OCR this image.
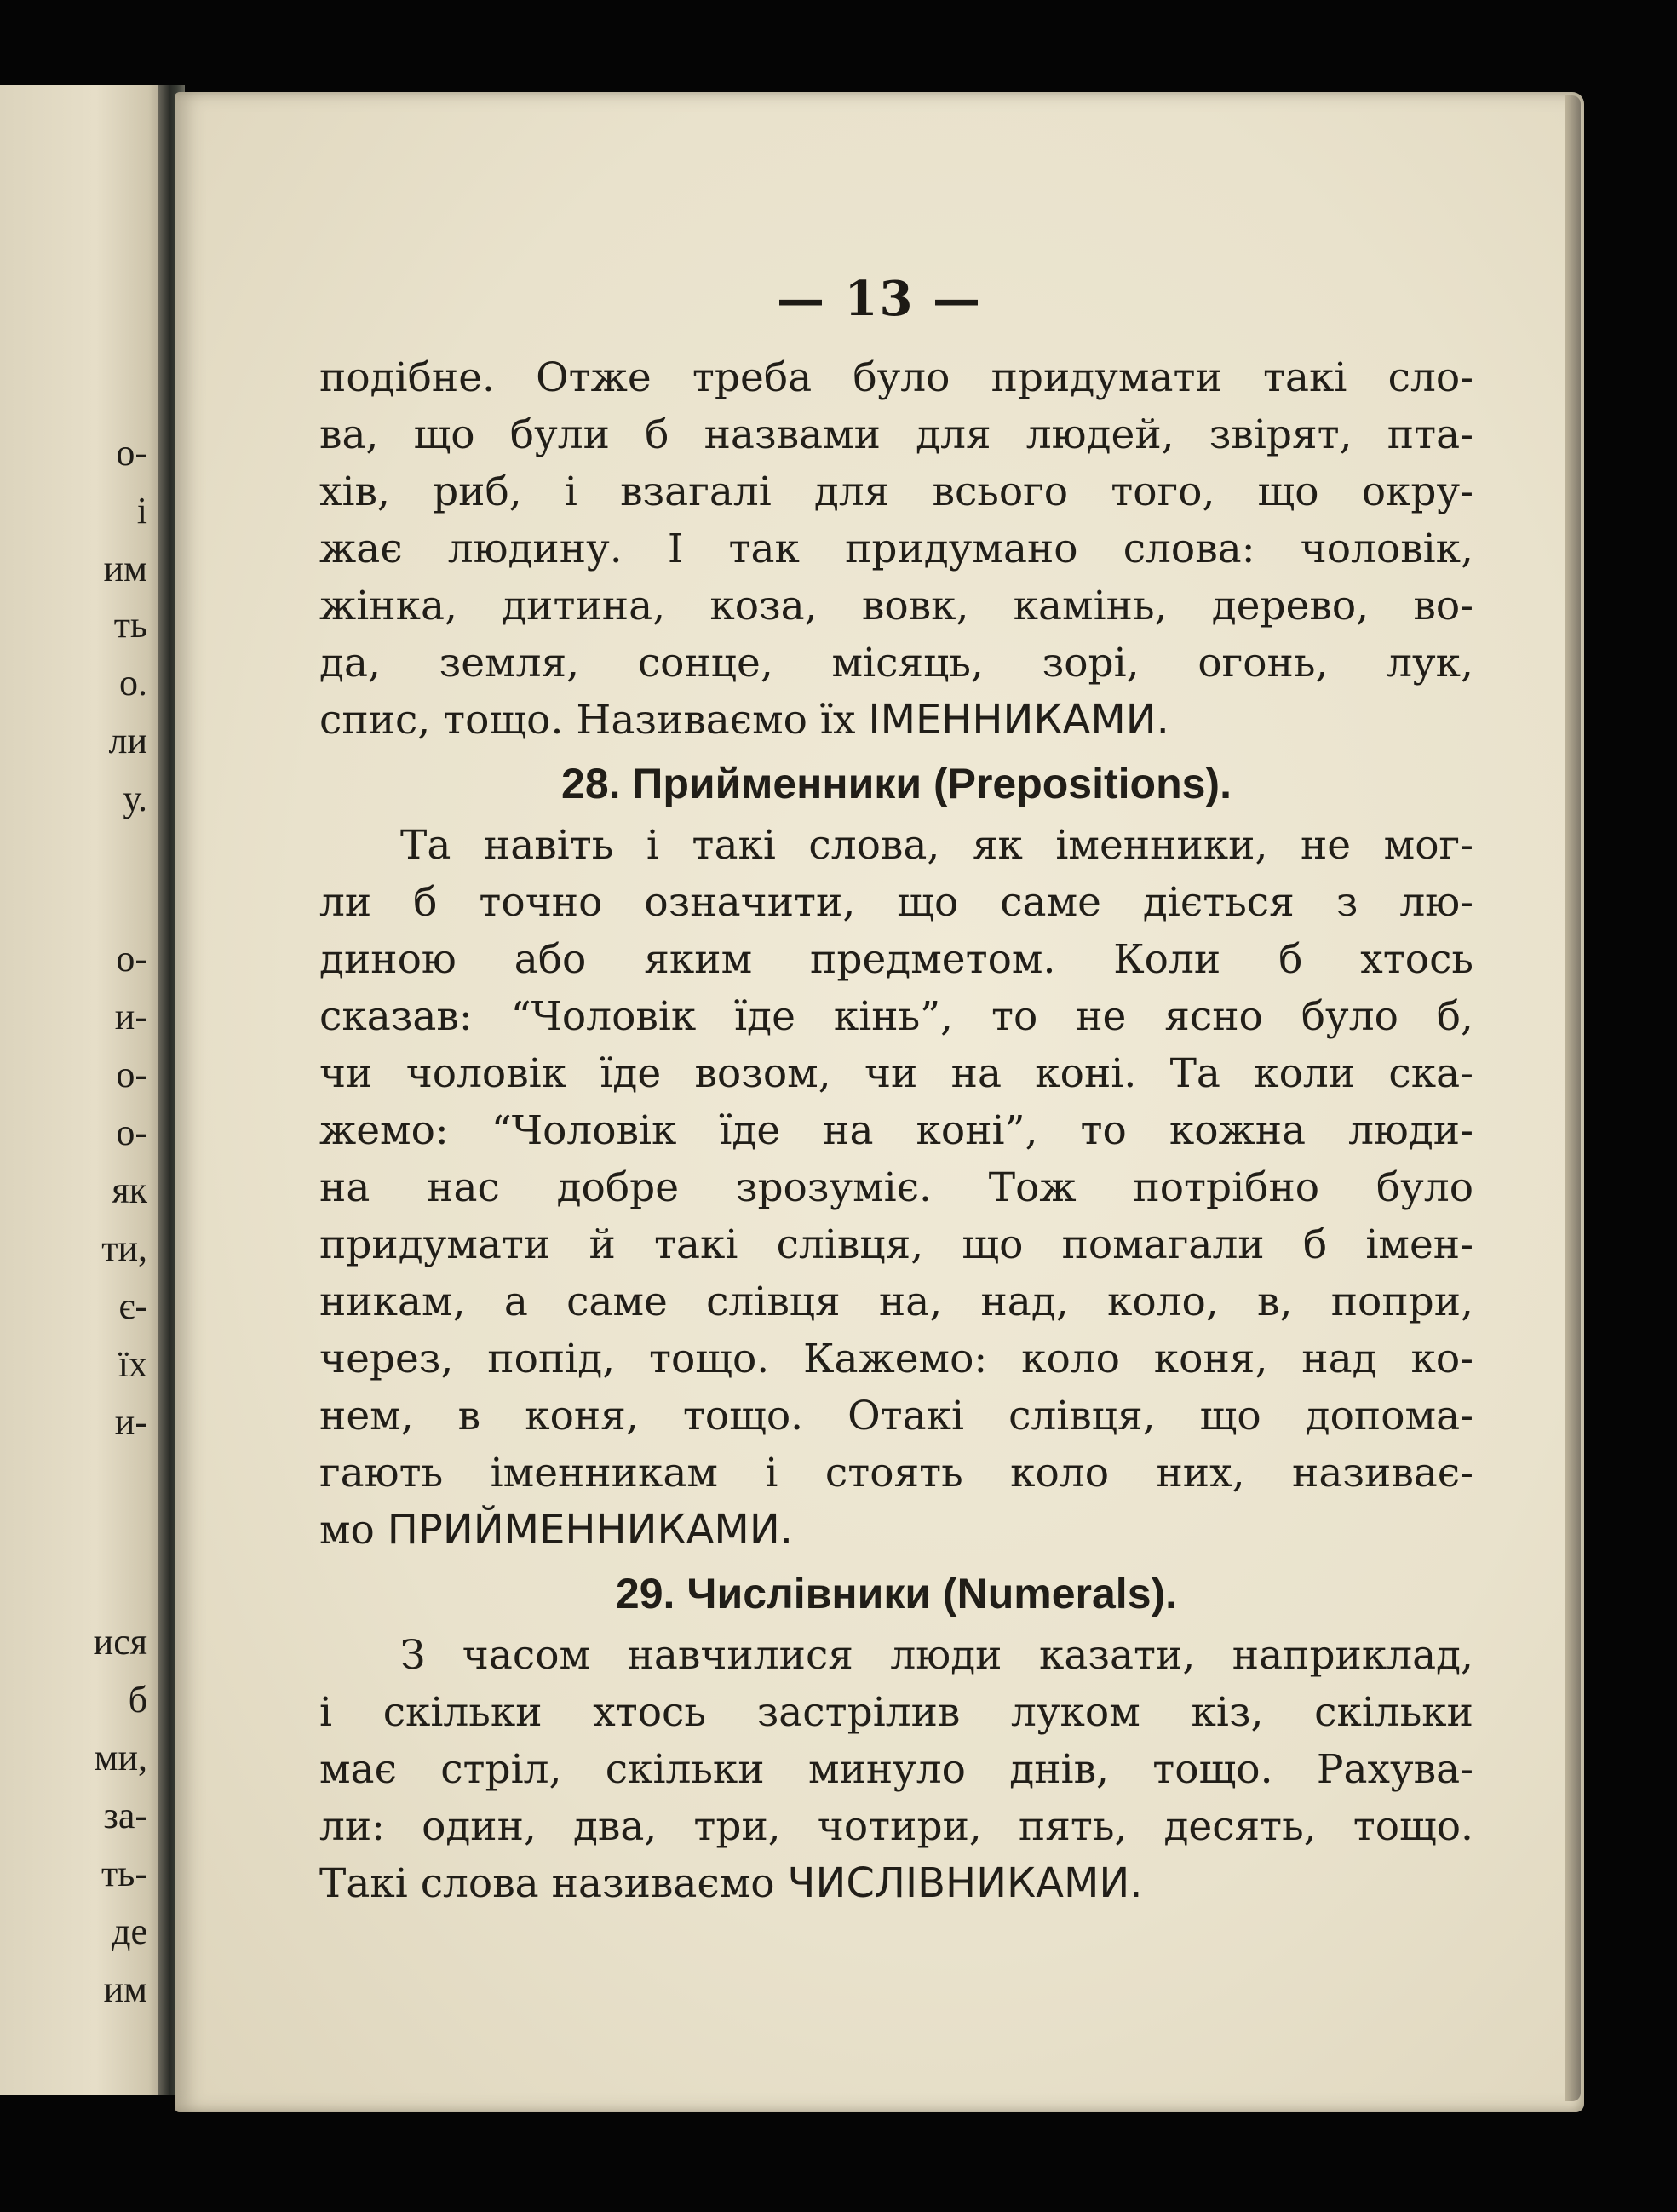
о-
і
им
ть
о.
ли
у.
о-
и-
о-
о-
як
ти,
є-
їх
и-
ися
б
ми,
за-
ть-
де
им
— 13 —

подібне. Отже треба було придумати такі сло-

ва, що були б назвами для людей, звірят, пта-

хів, риб, і взагалі для всього того, що окру-

жає людину. І так придумано слова: чоловік,

жінка, дитина, коза, вовк, камінь, дерево, во-

да, земля, сонце, місяць, зорі, огонь, лук,

спис, тощо. Називаємо їх ІМЕННИКАМИ.

28. Прийменники (Prepositions).

Та навіть і такі слова, як іменники, не мог-

ли б точно означити, що саме діється з лю-

диною або яким предметом. Коли б хтось

сказав: “Чоловік їде кінь”, то не ясно було б,

чи чоловік їде возом, чи на коні. Та коли ска-

жемо: “Чоловік їде на коні”, то кожна люди-

на нас добре зрозуміє. Тож потрібно було

придумати й такі слівця, що помагали б імен-

никам, а саме слівця на, над, коло, в, попри,

через, попід, тощо. Кажемо: коло коня, над ко-

нем, в коня, тощо. Отакі слівця, що допома-

гають іменникам і стоять коло них, називає-

мо ПРИЙМЕННИКАМИ.

29. Числівники (Numerals).

З часом навчилися люди казати, наприклад,

і скільки хтось застрілив луком кіз, скільки

має стріл, скільки минуло днів, тощо. Рахува-

ли: один, два, три, чотири, пять, десять, тощо.

Такі слова називаємо ЧИСЛІВНИКАМИ.
